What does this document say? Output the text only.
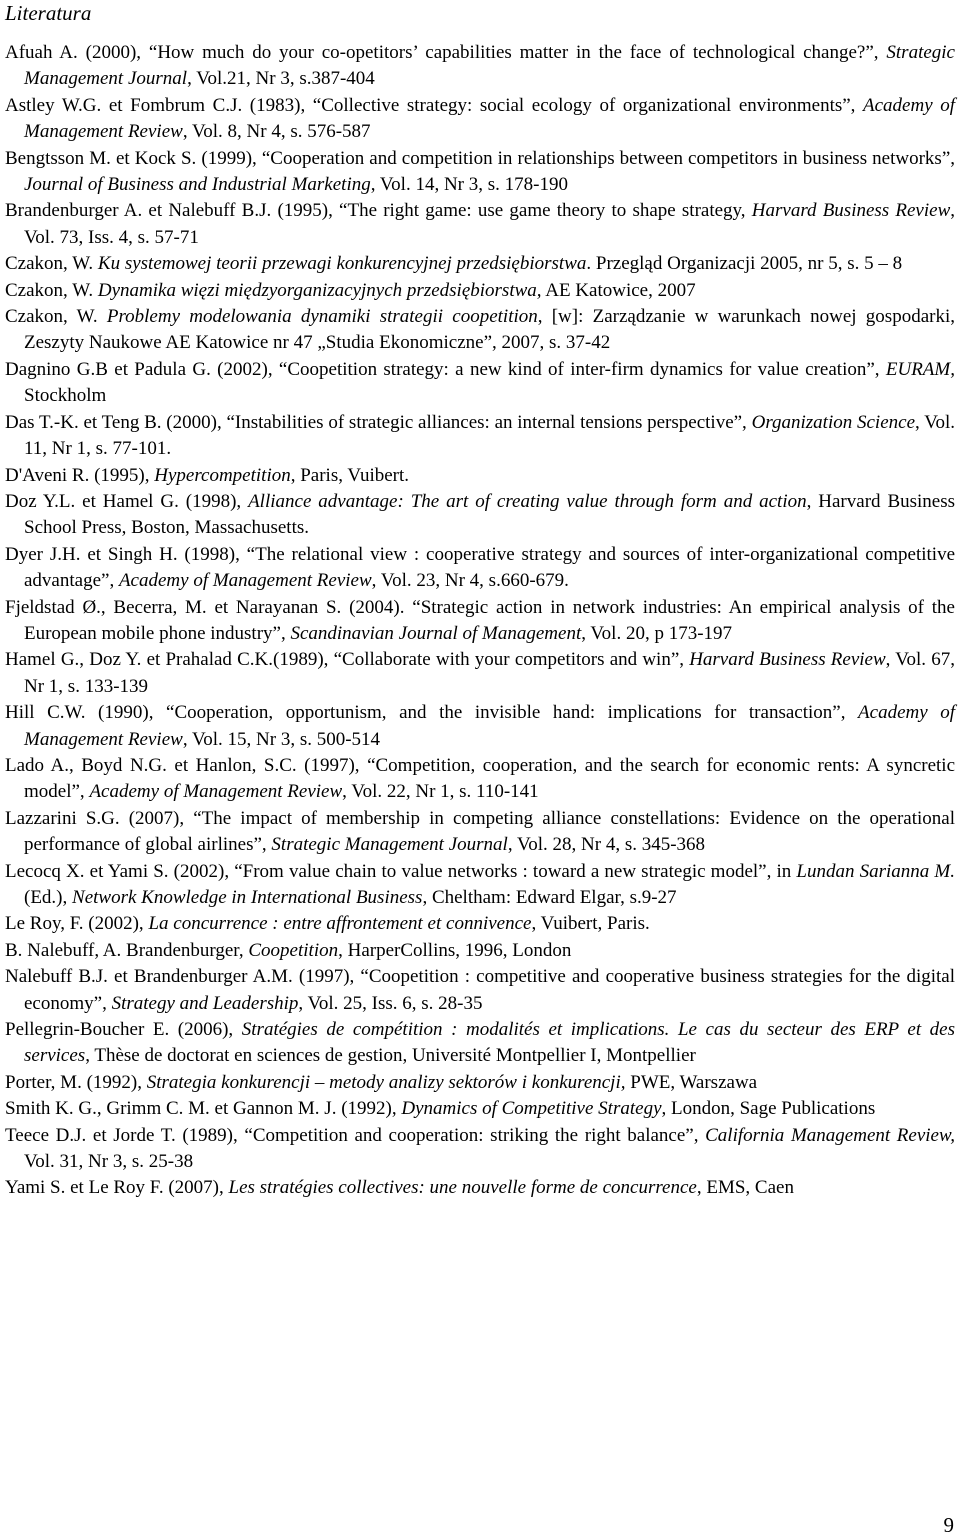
Literatura
Afuah A. (2000), “How much do your co-opetitors’ capabilities matter in the face of technological change?”, Strategic Management Journal, Vol.21, Nr 3, s.387-404
Astley W.G. et Fombrum C.J. (1983), “Collective strategy: social ecology of organizational environments”, Academy of Management Review, Vol. 8, Nr 4, s. 576-587
Bengtsson M. et Kock S. (1999), “Cooperation and competition in relationships between competitors in business networks”, Journal of Business and Industrial Marketing, Vol. 14, Nr 3, s. 178-190
Brandenburger A. et Nalebuff B.J. (1995), “The right game: use game theory to shape strategy, Harvard Business Review, Vol. 73, Iss. 4, s. 57-71
Czakon, W. Ku systemowej teorii przewagi konkurencyjnej przedsiębiorstwa. Przegląd Organizacji 2005, nr 5, s. 5 – 8
Czakon, W. Dynamika więzi międzyorganizacyjnych przedsiębiorstwa, AE Katowice, 2007
Czakon, W. Problemy modelowania dynamiki strategii coopetition, [w]: Zarządzanie w warunkach nowej gospodarki, Zeszyty Naukowe AE Katowice nr 47 „Studia Ekonomiczne”, 2007, s. 37-42
Dagnino G.B et Padula G. (2002), “Coopetition strategy: a new kind of inter-firm dynamics for value creation”, EURAM, Stockholm
Das T.-K. et Teng B. (2000), “Instabilities of strategic alliances: an internal tensions perspective”, Organization Science, Vol. 11, Nr 1, s. 77-101.
D'Aveni R. (1995), Hypercompetition, Paris, Vuibert.
Doz Y.L. et Hamel G. (1998), Alliance advantage: The art of creating value through form and action, Harvard Business School Press, Boston, Massachusetts.
Dyer J.H. et Singh H. (1998), “The relational view : cooperative strategy and sources of inter-organizational competitive advantage”, Academy of Management Review, Vol. 23, Nr 4, s.660-679.
Fjeldstad Ø., Becerra, M. et Narayanan S. (2004). “Strategic action in network industries: An empirical analysis of the European mobile phone industry”, Scandinavian Journal of Management, Vol. 20, p 173-197
Hamel G., Doz Y. et Prahalad C.K.(1989), “Collaborate with your competitors and win”, Harvard Business Review, Vol. 67, Nr 1, s. 133-139
Hill C.W. (1990), “Cooperation, opportunism, and the invisible hand: implications for transaction”, Academy of Management Review, Vol. 15, Nr 3, s. 500-514
Lado A., Boyd N.G. et Hanlon, S.C. (1997), “Competition, cooperation, and the search for economic rents: A syncretic model”, Academy of Management Review, Vol. 22, Nr 1, s. 110-141
Lazzarini S.G. (2007), “The impact of membership in competing alliance constellations: Evidence on the operational performance of global airlines”, Strategic Management Journal, Vol. 28, Nr 4, s. 345-368
Lecocq X. et Yami S. (2002), “From value chain to value networks : toward a new strategic model”, in Lundan Sarianna M. (Ed.), Network Knowledge in International Business, Cheltham: Edward Elgar, s.9-27
Le Roy, F. (2002), La concurrence : entre affrontement et connivence, Vuibert, Paris.
B. Nalebuff, A. Brandenburger, Coopetition, HarperCollins, 1996, London
Nalebuff B.J. et Brandenburger A.M. (1997), “Coopetition : competitive and cooperative business strategies for the digital economy”, Strategy and Leadership, Vol. 25, Iss. 6, s. 28-35
Pellegrin-Boucher E. (2006), Stratégies de compétition : modalités et implications. Le cas du secteur des ERP et des services, Thèse de doctorat en sciences de gestion, Université Montpellier I, Montpellier
Porter, M. (1992), Strategia konkurencji – metody analizy sektorów i konkurencji, PWE, Warszawa
Smith K. G., Grimm C. M. et Gannon M. J. (1992), Dynamics of Competitive Strategy, London, Sage Publications
Teece D.J. et Jorde T. (1989), “Competition and cooperation: striking the right balance”, California Management Review, Vol. 31, Nr 3, s. 25-38
Yami S. et Le Roy F. (2007), Les stratégies collectives: une nouvelle forme de concurrence, EMS, Caen
9
